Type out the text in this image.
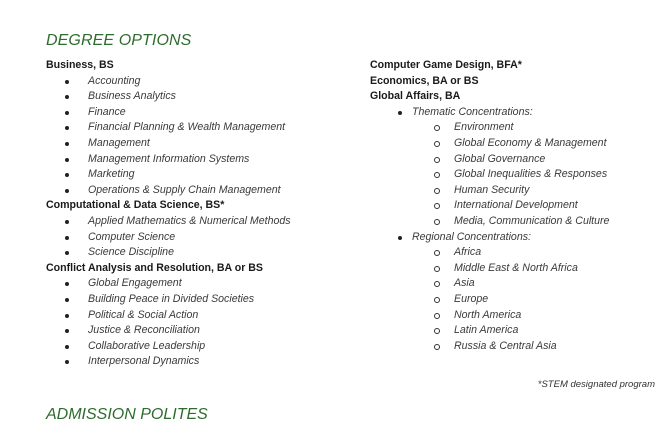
DEGREE OPTIONS
Business, BS
Accounting
Business Analytics
Finance
Financial Planning & Wealth Management
Management
Management Information Systems
Marketing
Operations & Supply Chain Management
Computational & Data Science, BS*
Applied Mathematics & Numerical Methods
Computer Science
Science Discipline
Conflict Analysis and Resolution, BA or BS
Global Engagement
Building Peace in Divided Societies
Political & Social Action
Justice & Reconciliation
Collaborative Leadership
Interpersonal Dynamics
Computer Game Design, BFA*
Economics, BA or BS
Global Affairs, BA
Thematic Concentrations:
Environment
Global Economy & Management
Global Governance
Global Inequalities & Responses
Human Security
International Development
Media, Communication & Culture
Regional Concentrations:
Africa
Middle East & North Africa
Asia
Europe
North America
Latin America
Russia & Central Asia
*STEM designated program
ADMISSION POLITES
